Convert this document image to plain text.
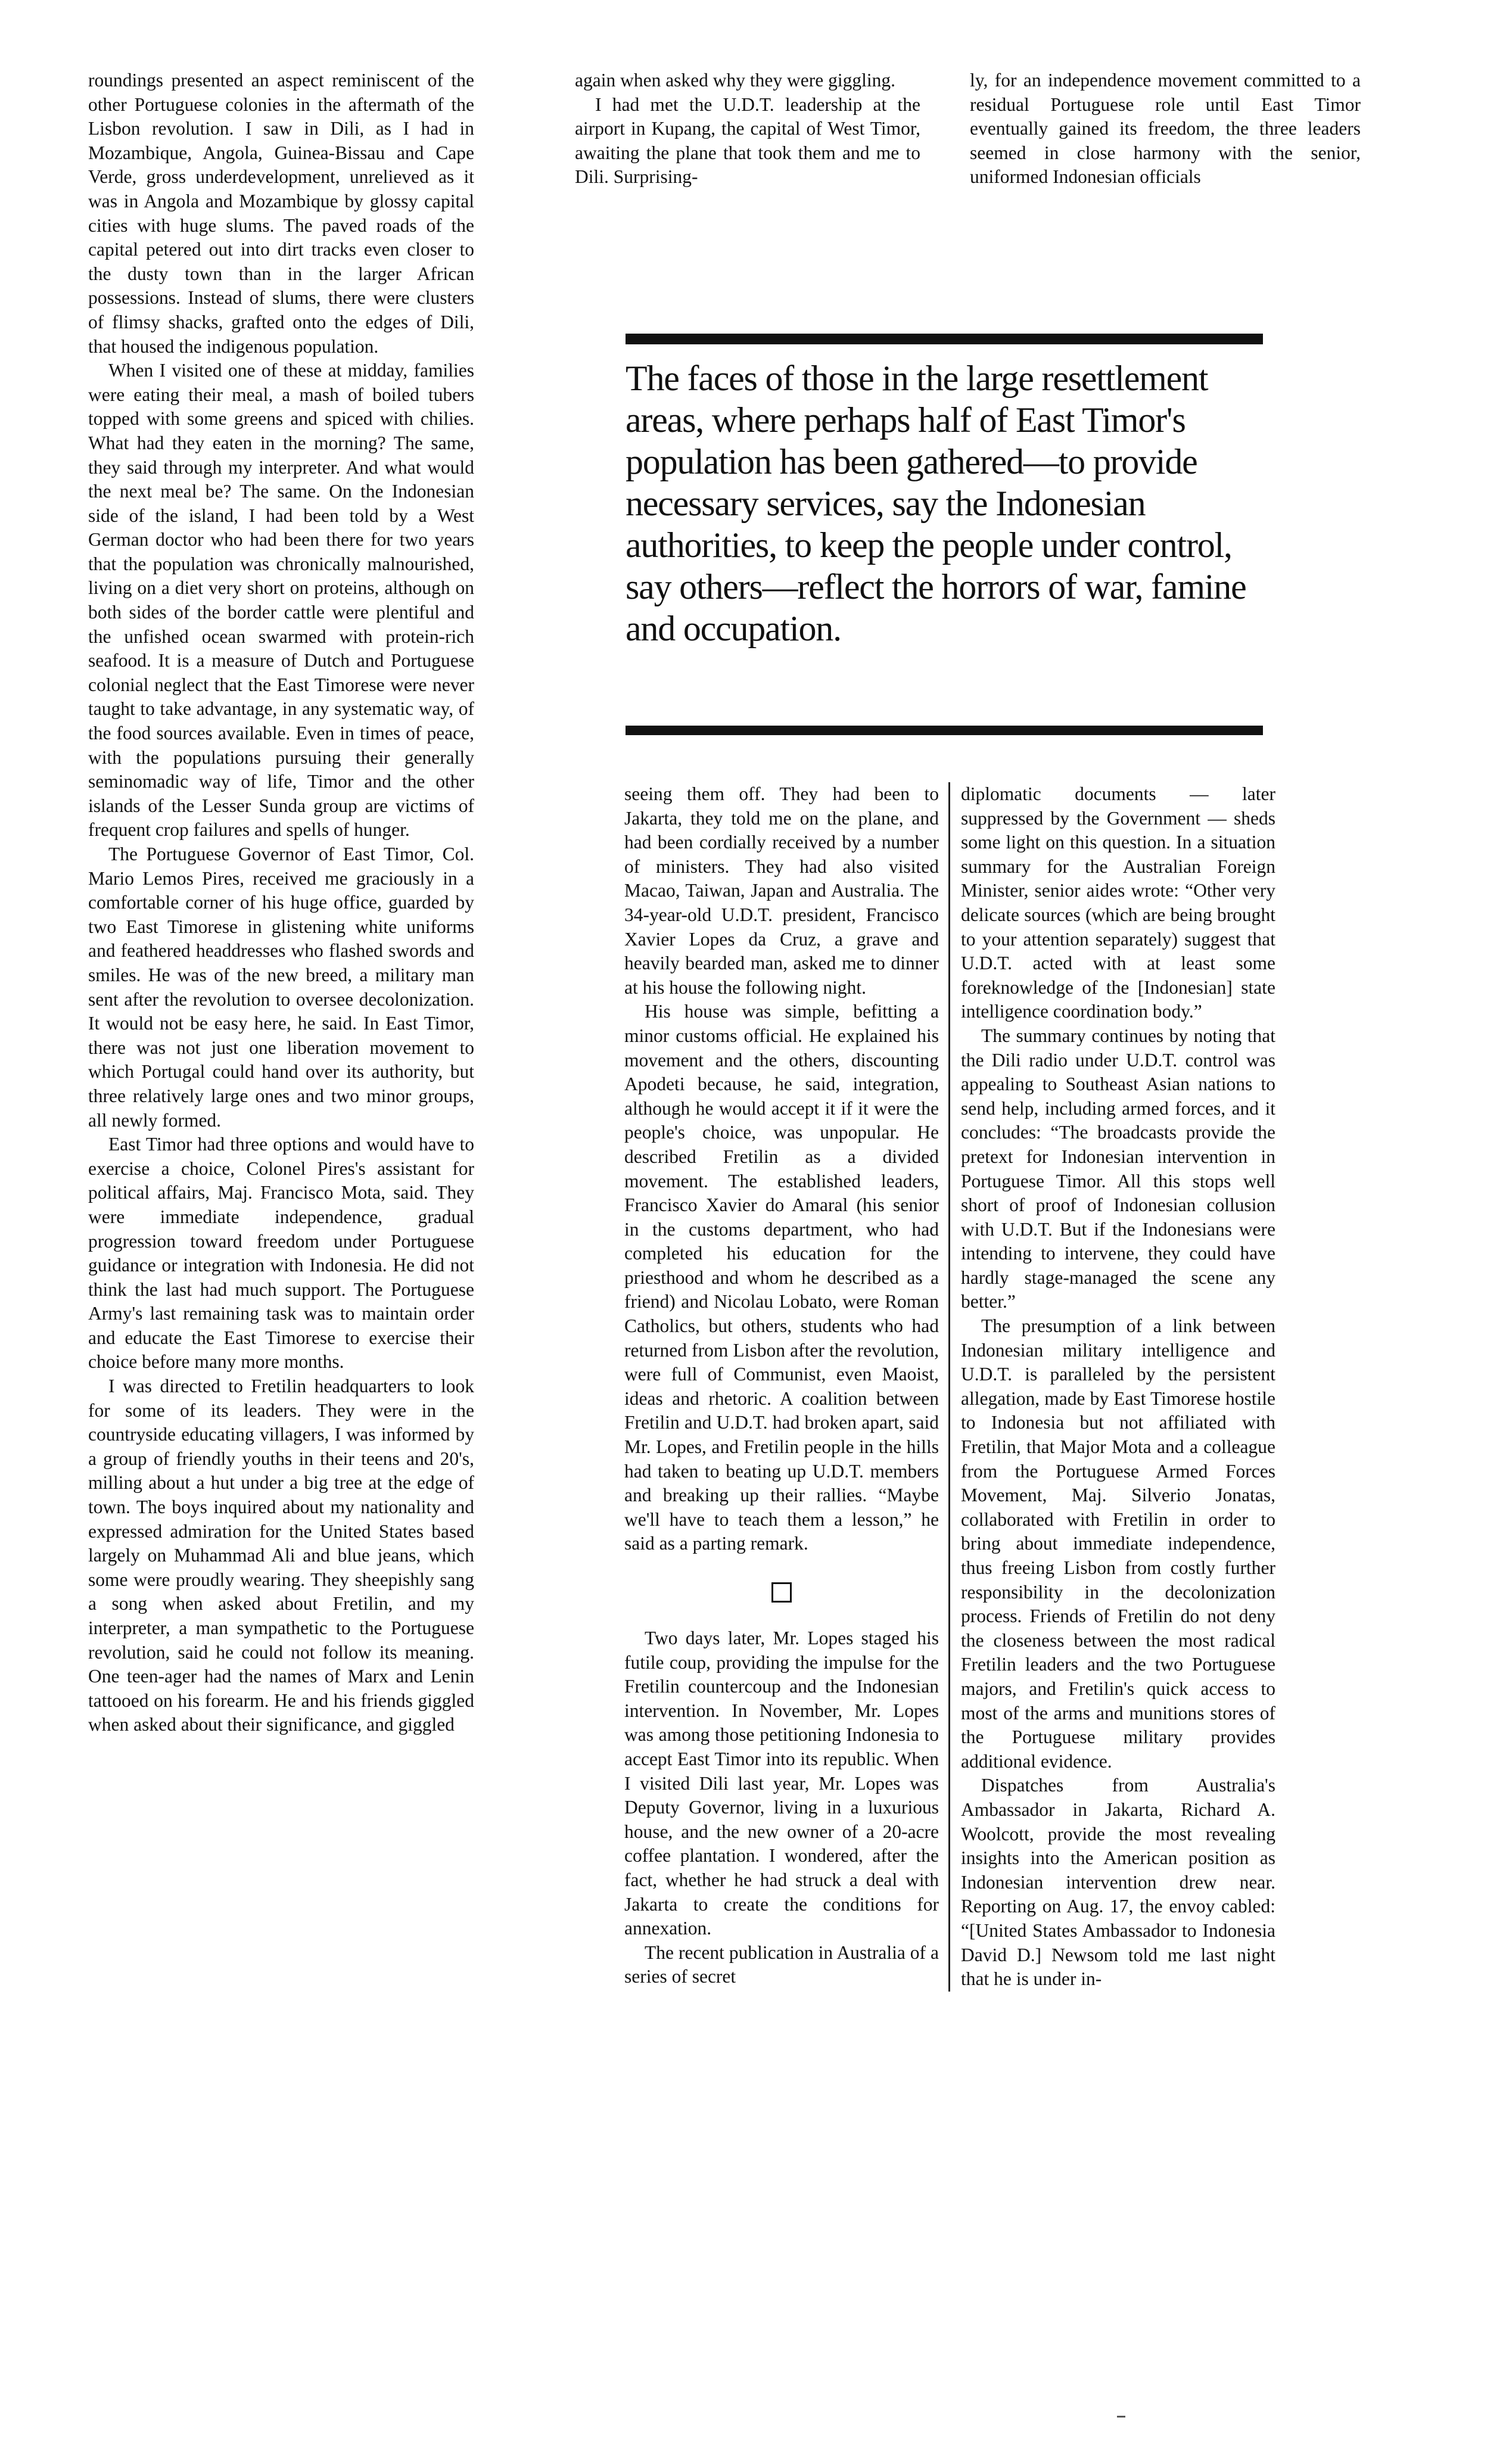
roundings presented an aspect reminiscent of the other Portuguese colonies in the aftermath of the Lisbon revolution. I saw in Dili, as I had in Mozambique, Angola, Guinea-Bissau and Cape Verde, gross underdevelopment, unrelieved as it was in Angola and Mozambique by glossy capital cities with huge slums. The paved roads of the capital petered out into dirt tracks even closer to the dusty town than in the larger African possessions. Instead of slums, there were clusters of flimsy shacks, grafted onto the edges of Dili, that housed the indigenous population.

When I visited one of these at midday, families were eating their meal, a mash of boiled tubers topped with some greens and spiced with chilies. What had they eaten in the morning? The same, they said through my interpreter. And what would the next meal be? The same. On the Indonesian side of the island, I had been told by a West German doctor who had been there for two years that the population was chronically malnourished, living on a diet very short on proteins, although on both sides of the border cattle were plentiful and the unfished ocean swarmed with protein-rich seafood. It is a measure of Dutch and Portuguese colonial neglect that the East Timorese were never taught to take advantage, in any systematic way, of the food sources available. Even in times of peace, with the populations pursuing their generally seminomadic way of life, Timor and the other islands of the Lesser Sunda group are victims of frequent crop failures and spells of hunger.

The Portuguese Governor of East Timor, Col. Mario Lemos Pires, received me graciously in a comfortable corner of his huge office, guarded by two East Timorese in glistening white uniforms and feathered headdresses who flashed swords and smiles. He was of the new breed, a military man sent after the revolution to oversee decolonization. It would not be easy here, he said. In East Timor, there was not just one liberation movement to which Portugal could hand over its authority, but three relatively large ones and two minor groups, all newly formed.

East Timor had three options and would have to exercise a choice, Colonel Pires's assistant for political affairs, Maj. Francisco Mota, said. They were immediate independence, gradual progression toward freedom under Portuguese guidance or integration with Indonesia. He did not think the last had much support. The Portuguese Army's last remaining task was to maintain order and educate the East Timorese to exercise their choice before many more months.

I was directed to Fretilin headquarters to look for some of its leaders. They were in the countryside educating villagers, I was informed by a group of friendly youths in their teens and 20's, milling about a hut under a big tree at the edge of town. The boys inquired about my nationality and expressed admiration for the United States based largely on Muhammad Ali and blue jeans, which some were proudly wearing. They sheepishly sang a song when asked about Fretilin, and my interpreter, a man sympathetic to the Portuguese revolution, said he could not follow its meaning. One teen-ager had the names of Marx and Lenin tattooed on his forearm. He and his friends giggled when asked about their significance, and giggled

again when asked why they were giggling.

I had met the U.D.T. leadership at the airport in Kupang, the capital of West Timor, awaiting the plane that took them and me to Dili. Surprising-

ly, for an independence movement committed to a residual Portuguese role until East Timor eventually gained its freedom, the three leaders seemed in close harmony with the senior, uniformed Indonesian officials

The faces of those in the large resettlement areas, where perhaps half of East Timor's population has been gathered—to provide necessary services, say the Indonesian authorities, to keep the people under control, say others—reflect the horrors of war, famine and occupation.

seeing them off. They had been to Jakarta, they told me on the plane, and had been cordially received by a number of ministers. They had also visited Macao, Taiwan, Japan and Australia. The 34-year-old U.D.T. president, Francisco Xavier Lopes da Cruz, a grave and heavily bearded man, asked me to dinner at his house the following night.

His house was simple, befitting a minor customs official. He explained his movement and the others, discounting Apodeti because, he said, integration, although he would accept it if it were the people's choice, was unpopular. He described Fretilin as a divided movement. The established leaders, Francisco Xavier do Amaral (his senior in the customs department, who had completed his education for the priesthood and whom he described as a friend) and Nicolau Lobato, were Roman Catholics, but others, students who had returned from Lisbon after the revolution, were full of Communist, even Maoist, ideas and rhetoric. A coalition between Fretilin and U.D.T. had broken apart, said Mr. Lopes, and Fretilin people in the hills had taken to beating up U.D.T. members and breaking up their rallies. “Maybe we'll have to teach them a lesson,” he said as a parting remark.

Two days later, Mr. Lopes staged his futile coup, providing the impulse for the Fretilin countercoup and the Indonesian intervention. In November, Mr. Lopes was among those petitioning Indonesia to accept East Timor into its republic. When I visited Dili last year, Mr. Lopes was Deputy Governor, living in a luxurious house, and the new owner of a 20-acre coffee plantation. I wondered, after the fact, whether he had struck a deal with Jakarta to create the conditions for annexation.

The recent publication in Australia of a series of secret

diplomatic documents — later suppressed by the Government — sheds some light on this question. In a situation summary for the Australian Foreign Minister, senior aides wrote: “Other very delicate sources (which are being brought to your attention separately) suggest that U.D.T. acted with at least some foreknowledge of the [Indonesian] state intelligence coordination body.”

The summary continues by noting that the Dili radio under U.D.T. control was appealing to Southeast Asian nations to send help, including armed forces, and it concludes: “The broadcasts provide the pretext for Indonesian intervention in Portuguese Timor. All this stops well short of proof of Indonesian collusion with U.D.T. But if the Indonesians were intending to intervene, they could have hardly stage-managed the scene any better.”

The presumption of a link between Indonesian military intelligence and U.D.T. is paralleled by the persistent allegation, made by East Timorese hostile to Indonesia but not affiliated with Fretilin, that Major Mota and a colleague from the Portuguese Armed Forces Movement, Maj. Silverio Jonatas, collaborated with Fretilin in order to bring about immediate independence, thus freeing Lisbon from costly further responsibility in the decolonization process. Friends of Fretilin do not deny the closeness between the most radical Fretilin leaders and the two Portuguese majors, and Fretilin's quick access to most of the arms and munitions stores of the Portuguese military provides additional evidence.

Dispatches from Australia's Ambassador in Jakarta, Richard A. Woolcott, provide the most revealing insights into the American position as Indonesian intervention drew near. Reporting on Aug. 17, the envoy cabled: “[United States Ambassador to Indonesia David D.] Newsom told me last night that he is under in-
